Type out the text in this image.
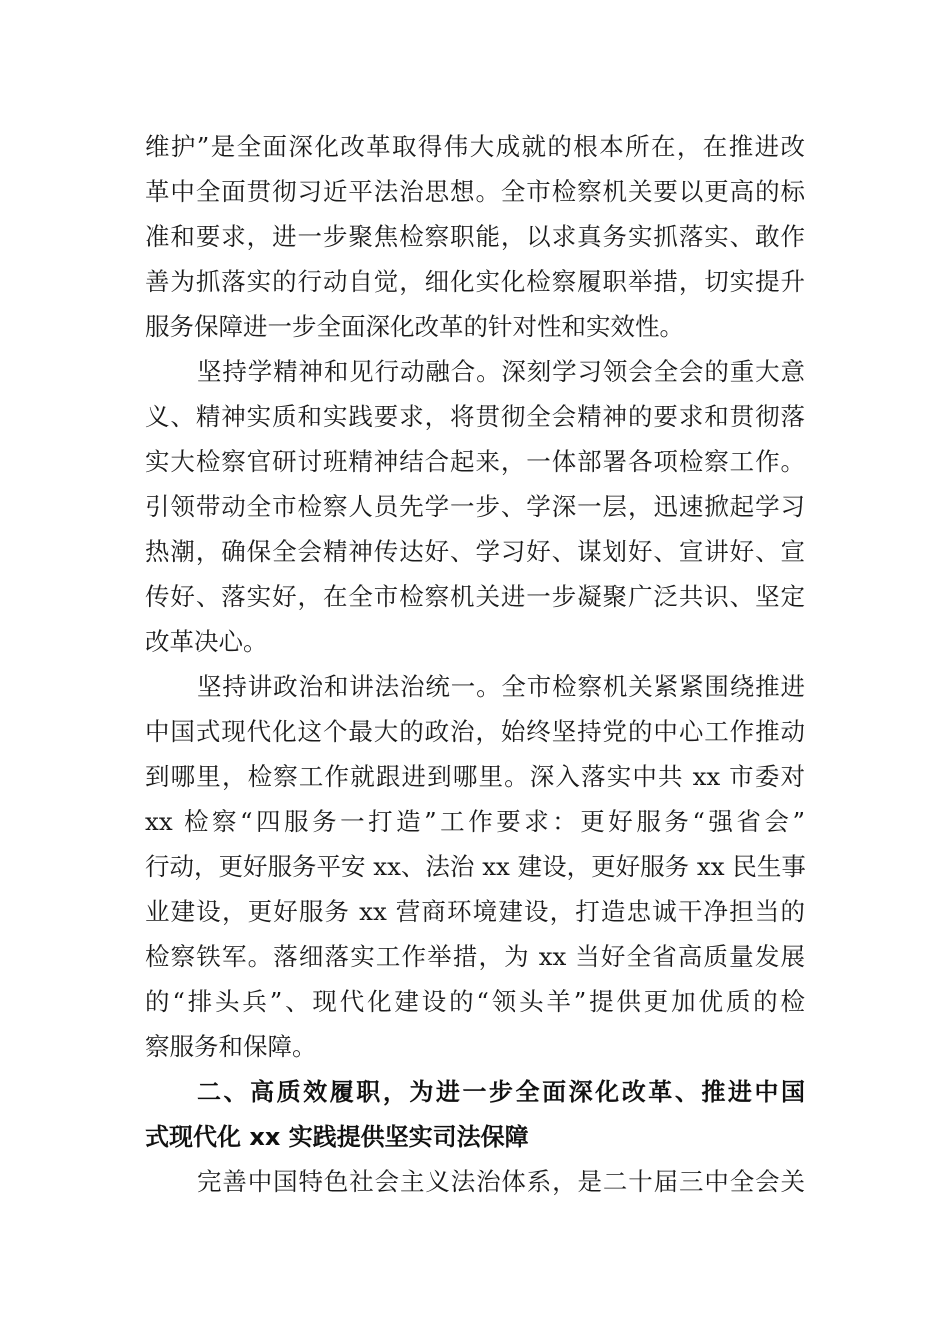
维护”是全面深化改革取得伟大成就的根本所在，在推进改
革中全面贯彻习近平法治思想。全市检察机关要以更高的标
准和要求，进一步聚焦检察职能，以求真务实抓落实、敢作
善为抓落实的行动自觉，细化实化检察履职举措，切实提升
服务保障进一步全面深化改革的针对性和实效性。
坚持学精神和见行动融合。深刻学习领会全会的重大意
义、精神实质和实践要求，将贯彻全会精神的要求和贯彻落
实大检察官研讨班精神结合起来，一体部署各项检察工作。
引领带动全市检察人员先学一步、学深一层，迅速掀起学习
热潮，确保全会精神传达好、学习好、谋划好、宣讲好、宣
传好、落实好，在全市检察机关进一步凝聚广泛共识、坚定
改革决心。
坚持讲政治和讲法治统一。全市检察机关紧紧围绕推进
中国式现代化这个最大的政治，始终坚持党的中心工作推动
到哪里，检察工作就跟进到哪里。深入落实中共 xx 市委对
xx 检察“四服务一打造”工作要求：更好服务“强省会”
行动，更好服务平安 xx、法治 xx 建设，更好服务 xx 民生事
业建设，更好服务 xx 营商环境建设，打造忠诚干净担当的
检察铁军。落细落实工作举措，为 xx 当好全省高质量发展
的“排头兵”、现代化建设的“领头羊”提供更加优质的检
察服务和保障。
二、高质效履职，为进一步全面深化改革、推进中国
式现代化 xx 实践提供坚实司法保障
完善中国特色社会主义法治体系，是二十届三中全会关
